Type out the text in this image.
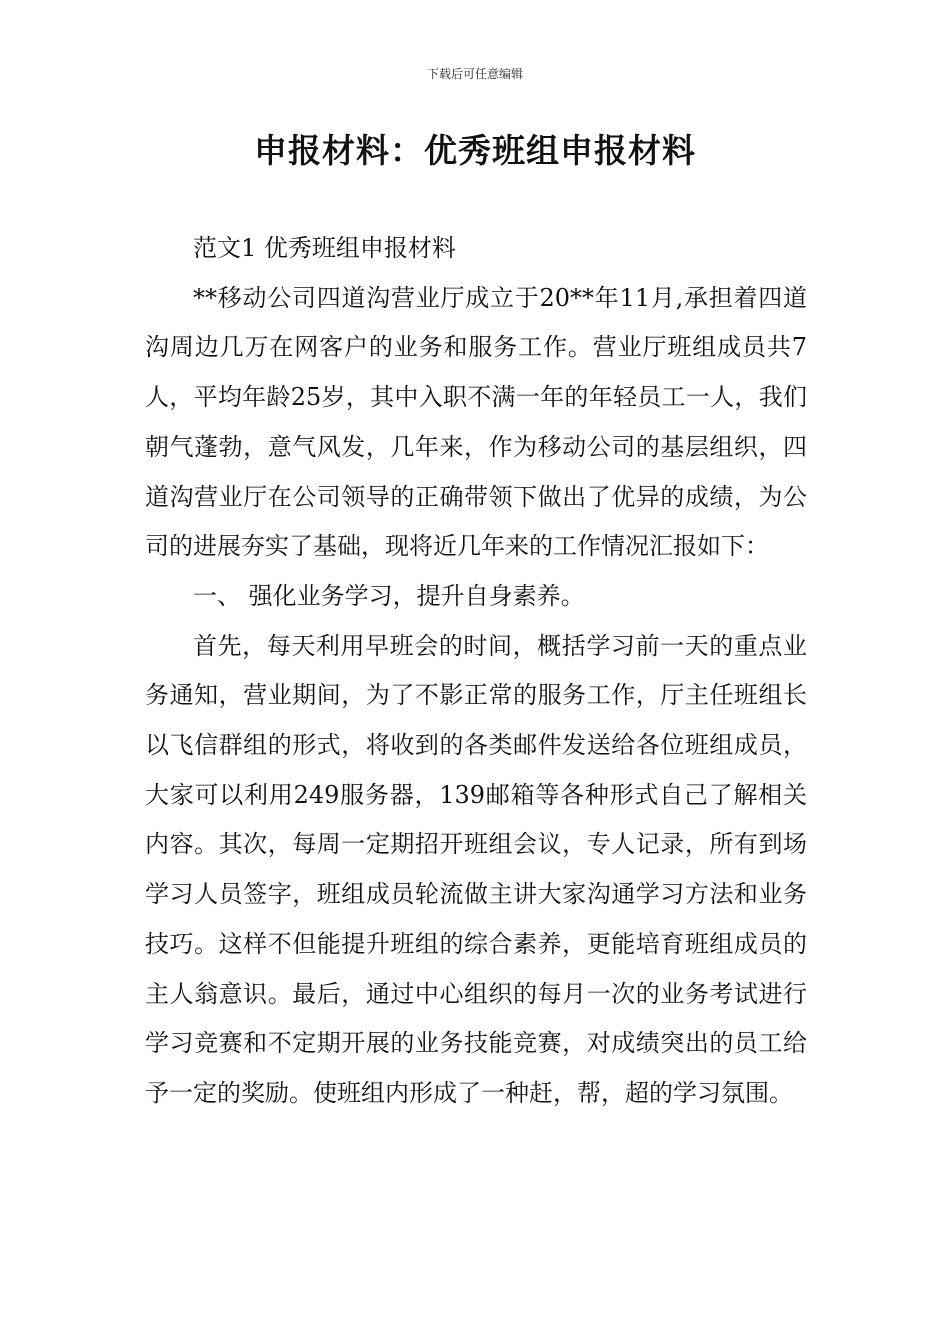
下载后可任意编辑
申报材料：优秀班组申报材料

范文1 优秀班组申报材料

**移动公司四道沟营业厅成立于20**年11月,承担着四道沟周边几万在网客户的业务和服务工作。营业厅班组成员共7人，平均年龄25岁，其中入职不满一年的年轻员工一人，我们朝气蓬勃，意气风发，几年来，作为移动公司的基层组织，四道沟营业厅在公司领导的正确带领下做出了优异的成绩，为公司的进展夯实了基础，现将近几年来的工作情况汇报如下：

一、 强化业务学习，提升自身素养。

首先，每天利用早班会的时间，概括学习前一天的重点业务通知，营业期间，为了不影正常的服务工作，厅主任班组长以飞信群组的形式，将收到的各类邮件发送给各位班组成员，大家可以利用249服务器，139邮箱等各种形式自己了解相关内容。其次，每周一定期招开班组会议，专人记录，所有到场学习人员签字，班组成员轮流做主讲大家沟通学习方法和业务技巧。这样不但能提升班组的综合素养，更能培育班组成员的主人翁意识。最后，通过中心组织的每月一次的业务考试进行学习竞赛和不定期开展的业务技能竞赛，对成绩突出的员工给予一定的奖励。使班组内形成了一种赶，帮，超的学习氛围。
